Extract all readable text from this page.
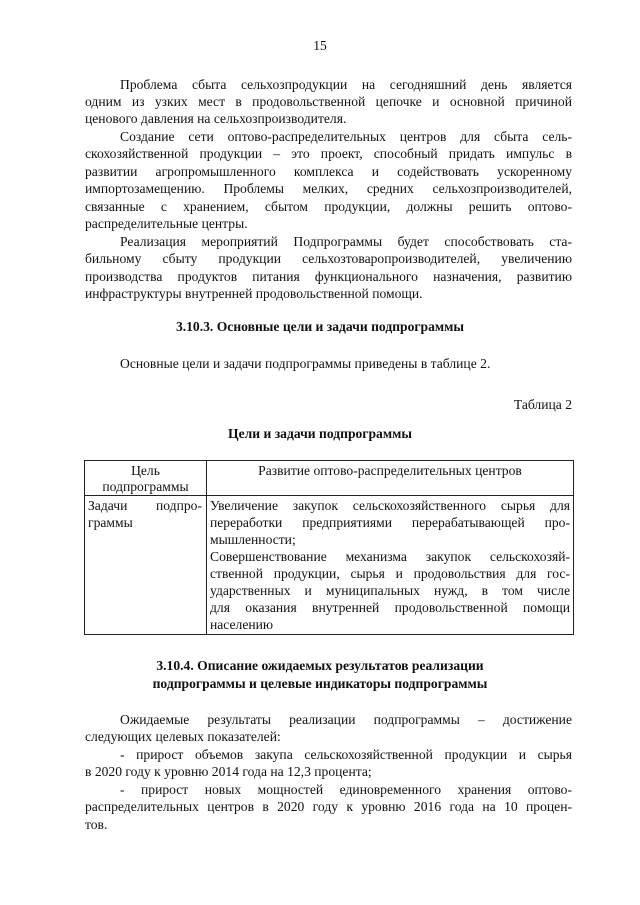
15
Проблема сбыта сельхозпродукции на сегодняшний день является
одним из узких мест в продовольственной цепочке и основной причиной
ценового давления на сельхозпроизводителя.
Создание сети оптово-распределительных центров для сбыта сель-
скохозяйственной продукции – это проект, способный придать импульс в
развитии агропромышленного комплекса и содействовать ускоренному
импортозамещению. Проблемы мелких, средних сельхозпроизводителей,
связанные с хранением, сбытом продукции, должны решить оптово-
распределительные центры.
Реализация мероприятий Подпрограммы будет способствовать ста-
бильному сбыту продукции сельхозтоваропроизводителей, увеличению
производства продуктов питания функционального назначения, развитию
инфраструктуры внутренней продовольственной помощи.
3.10.3. Основные цели и задачи подпрограммы
Основные цели и задачи подпрограммы приведены в таблице 2.
Таблица 2
Цели и задачи подпрограммы
Цель
подпрограммы
Развитие оптово-распределительных центров
Задачи подпро-
граммы
Увеличение закупок сельскохозяйственного сырья для
переработки предприятиями перерабатывающей про-
мышленности;
Совершенствование механизма закупок сельскохозяй-
ственной продукции, сырья и продовольствия для гос-
ударственных и муниципальных нужд, в том числе
для оказания внутренней продовольственной помощи
населению
3.10.4. Описание ожидаемых результатов реализации
подпрограммы и целевые индикаторы подпрограммы
Ожидаемые результаты реализации подпрограммы – достижение
следующих целевых показателей:
- прирост объемов закупа сельскохозяйственной продукции и сырья
в 2020 году к уровню 2014 года на 12,3 процента;
- прирост новых мощностей единовременного хранения оптово-
распределительных центров в 2020 году к уровню 2016 года на 10 процен-
тов.
